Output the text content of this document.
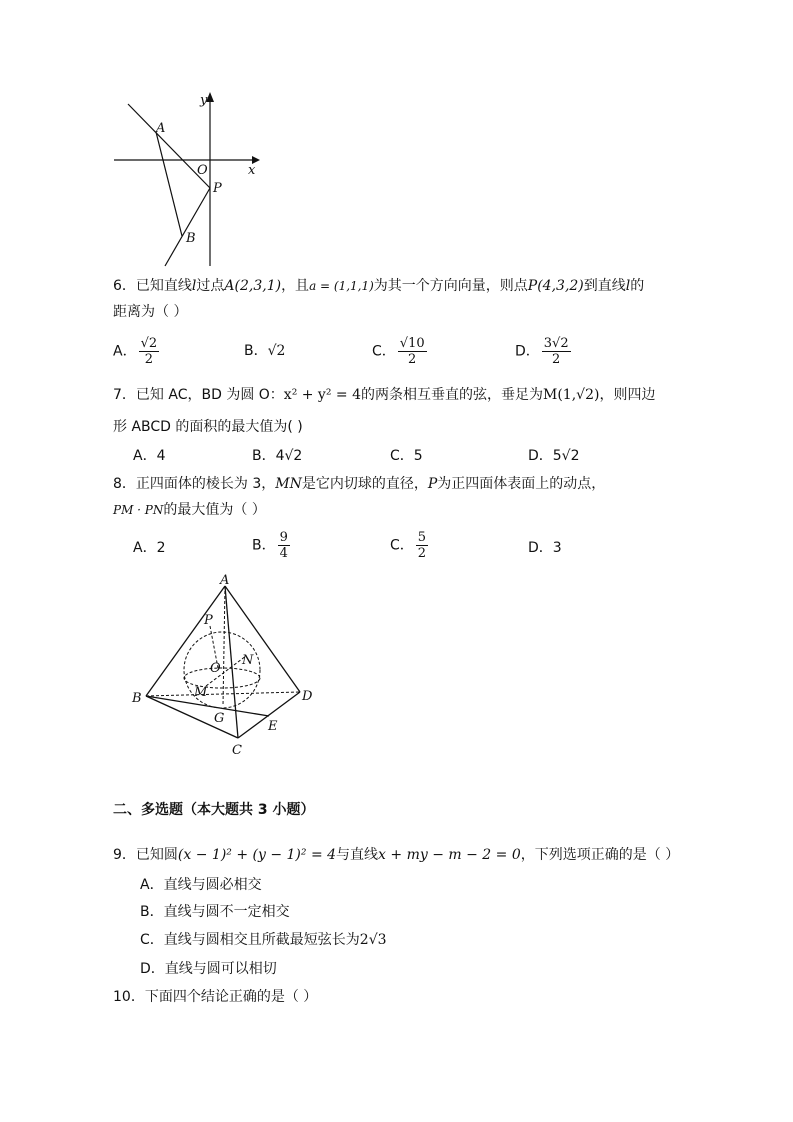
y
x
O
A
P
B
6．已知直线l过点A(2,3,1)，且a = (1,1,1)为其一个方向向量，则点P(4,3,2)到直线l的
距离为（ ）
A． $\frac{√2}{2}$	B．√2	C． $\frac{√10}{2}$	D． $\frac{3√2}{2}$
7．已知 AC，BD 为圆 O：x² + y² = 4的两条相互垂直的弦，垂足为M(1,√2)，则四边
形 ABCD 的面积的最大值为( )
A．4	B．4√2	C．5	D．5√2
8．正四面体的棱长为 3，MN是它内切球的直径，P为正四面体表面上的动点，
PM · PN的最大值为（ ）
A．2	B． $\frac{9}{4}$	C． $\frac{5}{2}$	D．3
A
P
N
O
M
B	D
G
E
C
二、多选题（本大题共 3 小题）
9．已知圆(x − 1)² + (y − 1)² = 4与直线x + my − m − 2 = 0，下列选项正确的是（ ）
A．直线与圆必相交
B．直线与圆不一定相交
C．直线与圆相交且所截最短弦长为2√3
D．直线与圆可以相切
10．下面四个结论正确的是（ ）
